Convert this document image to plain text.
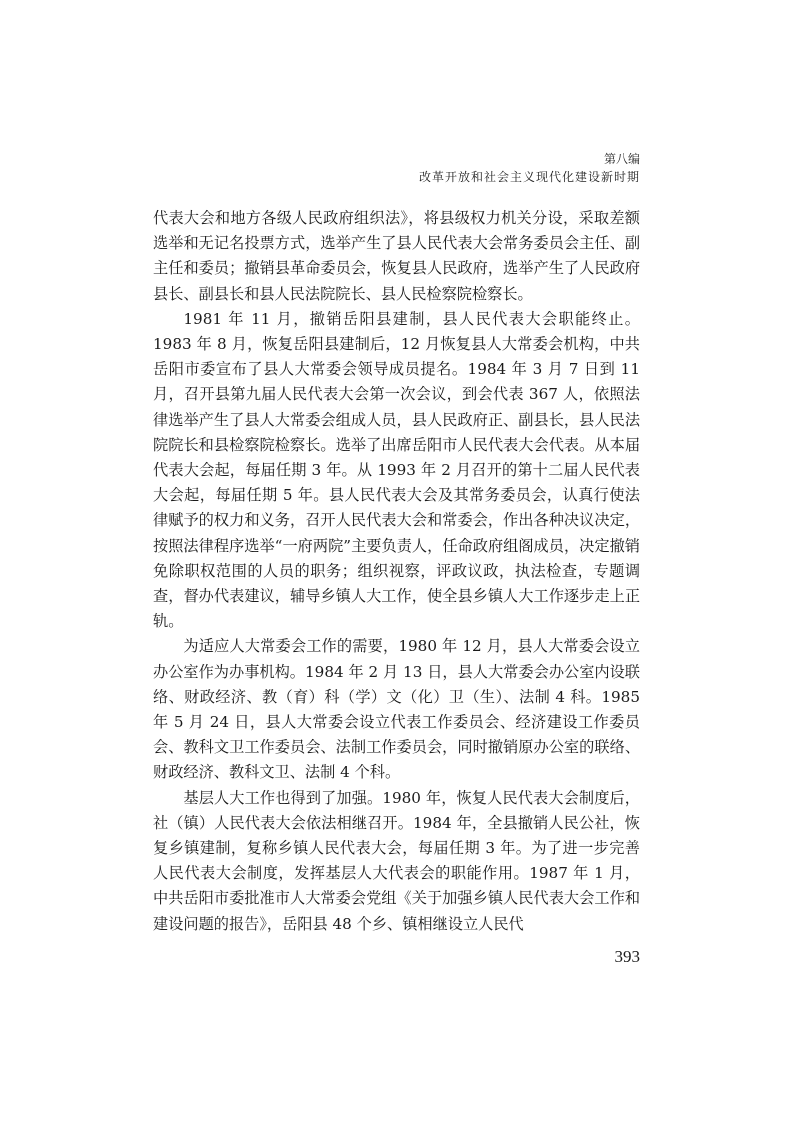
第八编
改革开放和社会主义现代化建设新时期

代表大会和地方各级人民政府组织法》，将县级权力机关分设，采取差额选举和无记名投票方式，选举产生了县人民代表大会常务委员会主任、副主任和委员；撤销县革命委员会，恢复县人民政府，选举产生了人民政府县长、副县长和县人民法院院长、县人民检察院检察长。

1981 年 11 月，撤销岳阳县建制，县人民代表大会职能终止。1983 年 8 月，恢复岳阳县建制后，12 月恢复县人大常委会机构，中共岳阳市委宣布了县人大常委会领导成员提名。1984 年 3 月 7 日到 11 月，召开县第九届人民代表大会第一次会议，到会代表 367 人，依照法律选举产生了县人大常委会组成人员，县人民政府正、副县长，县人民法院院长和县检察院检察长。选举了出席岳阳市人民代表大会代表。从本届代表大会起，每届任期 3 年。从 1993 年 2 月召开的第十二届人民代表大会起，每届任期 5 年。县人民代表大会及其常务委员会，认真行使法律赋予的权力和义务，召开人民代表大会和常委会，作出各种决议决定，按照法律程序选举“一府两院”主要负责人，任命政府组阁成员，决定撤销免除职权范围的人员的职务；组织视察，评政议政，执法检查，专题调查，督办代表建议，辅导乡镇人大工作，使全县乡镇人大工作逐步走上正轨。

为适应人大常委会工作的需要，1980 年 12 月，县人大常委会设立办公室作为办事机构。1984 年 2 月 13 日，县人大常委会办公室内设联络、财政经济、教（育）科（学）文（化）卫（生）、法制 4 科。1985 年 5 月 24 日，县人大常委会设立代表工作委员会、经济建设工作委员会、教科文卫工作委员会、法制工作委员会，同时撤销原办公室的联络、财政经济、教科文卫、法制 4 个科。

基层人大工作也得到了加强。1980 年，恢复人民代表大会制度后，社（镇）人民代表大会依法相继召开。1984 年，全县撤销人民公社，恢复乡镇建制，复称乡镇人民代表大会，每届任期 3 年。为了进一步完善人民代表大会制度，发挥基层人大代表会的职能作用。1987 年 1 月，中共岳阳市委批准市人大常委会党组《关于加强乡镇人民代表大会工作和建设问题的报告》，岳阳县 48 个乡、镇相继设立人民代

393
